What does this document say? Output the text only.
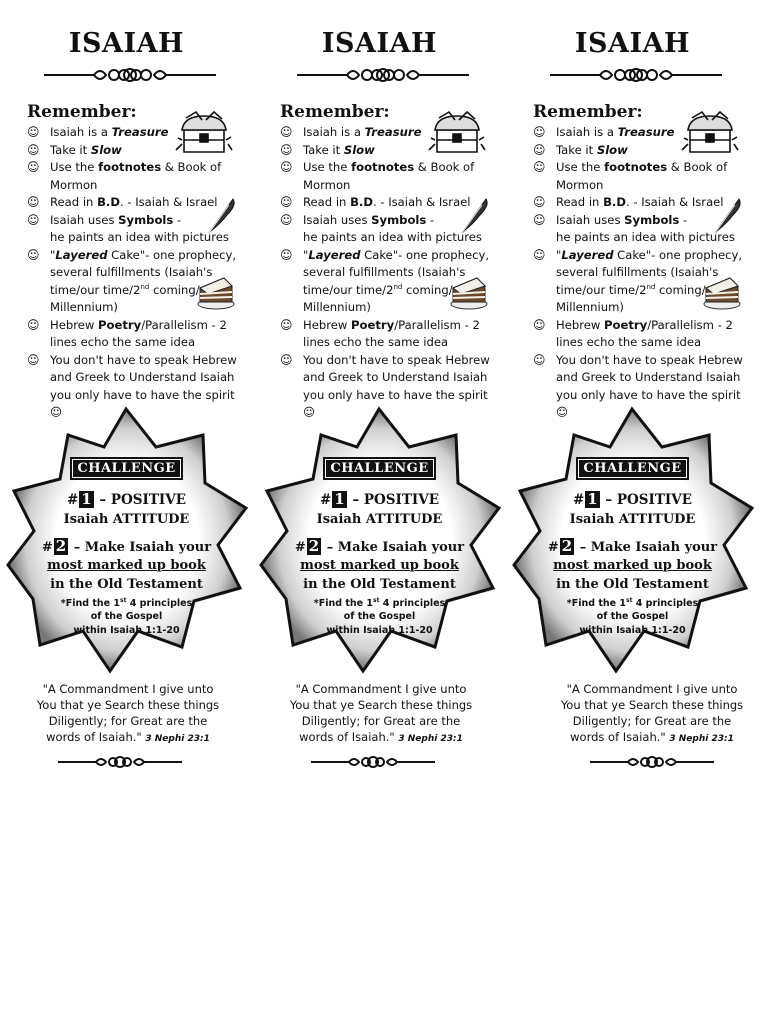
ISAIAH
Remember:
☺ Isaiah is a Treasure
☺ Take it Slow
☺ Use the footnotes & Book of
Mormon
☺ Read in B.D. - Isaiah & Israel
☺ Isaiah uses Symbols -
he paints an idea with pictures
☺ "Layered Cake"- one prophecy,
several fulfillments (Isaiah's
time/our time/2nd coming/
Millennium)
☺ Hebrew Poetry/Parallelism - 2
lines echo the same idea
☺ You don't have to speak Hebrew
and Greek to Understand Isaiah
you only have to have the spirit ☺
CHALLENGE
# 1 – POSITIVE
Isaiah ATTITUDE
# 2 – Make Isaiah your
most marked up book
in the Old Testament
*Find the 1st 4 principles
of the Gospel
within Isaiah 1:1-20
"A Commandment I give unto
You that ye Search these things
Diligently; for Great are the
words of Isaiah." 3 Nephi 23:1
ISAIAH
Remember:
☺ Isaiah is a Treasure
☺ Take it Slow
☺ Use the footnotes & Book of
Mormon
☺ Read in B.D. - Isaiah & Israel
☺ Isaiah uses Symbols -
he paints an idea with pictures
☺ "Layered Cake"- one prophecy,
several fulfillments (Isaiah's
time/our time/2nd coming/
Millennium)
☺ Hebrew Poetry/Parallelism - 2
lines echo the same idea
☺ You don't have to speak Hebrew
and Greek to Understand Isaiah
you only have to have the spirit ☺
CHALLENGE
# 1 – POSITIVE
Isaiah ATTITUDE
# 2 – Make Isaiah your
most marked up book
in the Old Testament
*Find the 1st 4 principles
of the Gospel
within Isaiah 1:1-20
"A Commandment I give unto
You that ye Search these things
Diligently; for Great are the
words of Isaiah." 3 Nephi 23:1
ISAIAH
Remember:
☺ Isaiah is a Treasure
☺ Take it Slow
☺ Use the footnotes & Book of
Mormon
☺ Read in B.D. - Isaiah & Israel
☺ Isaiah uses Symbols -
he paints an idea with pictures
☺ "Layered Cake"- one prophecy,
several fulfillments (Isaiah's
time/our time/2nd coming/
Millennium)
☺ Hebrew Poetry/Parallelism - 2
lines echo the same idea
☺ You don't have to speak Hebrew
and Greek to Understand Isaiah
you only have to have the spirit ☺
CHALLENGE
# 1 – POSITIVE
Isaiah ATTITUDE
# 2 – Make Isaiah your
most marked up book
in the Old Testament
*Find the 1st 4 principles
of the Gospel
within Isaiah 1:1-20
"A Commandment I give unto
You that ye Search these things
Diligently; for Great are the
words of Isaiah." 3 Nephi 23:1
